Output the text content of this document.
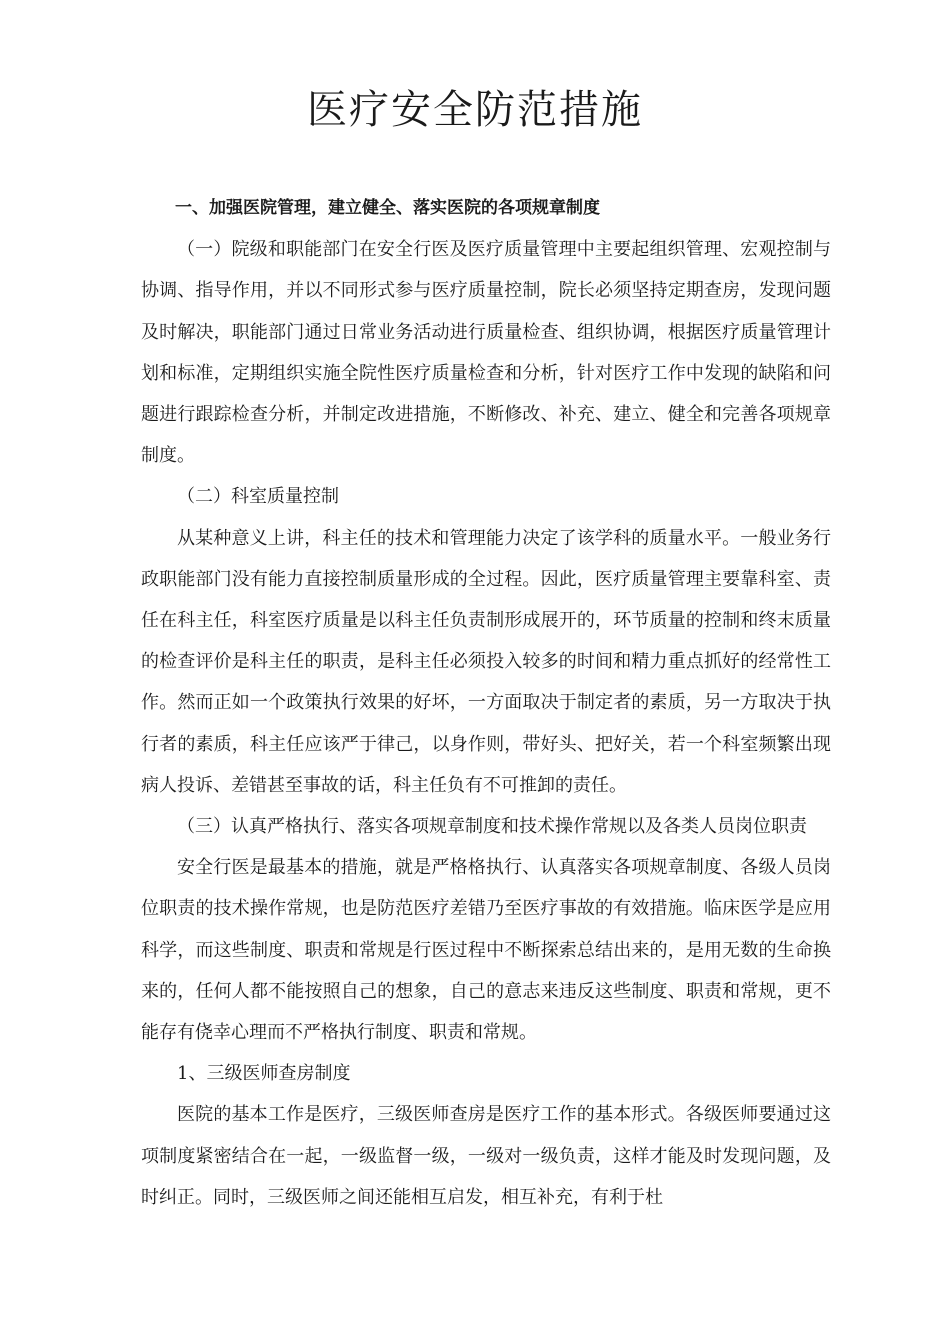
医疗安全防范措施

一、加强医院管理，建立健全、落实医院的各项规章制度

（一）院级和职能部门在安全行医及医疗质量管理中主要起组织管理、宏观控制与协调、指导作用，并以不同形式参与医疗质量控制，院长必须坚持定期查房，发现问题及时解决，职能部门通过日常业务活动进行质量检查、组织协调，根据医疗质量管理计划和标准，定期组织实施全院性医疗质量检查和分析，针对医疗工作中发现的缺陷和问题进行跟踪检查分析，并制定改进措施，不断修改、补充、建立、健全和完善各项规章制度。

（二）科室质量控制

从某种意义上讲，科主任的技术和管理能力决定了该学科的质量水平。一般业务行政职能部门没有能力直接控制质量形成的全过程。因此，医疗质量管理主要靠科室、责任在科主任，科室医疗质量是以科主任负责制形成展开的，环节质量的控制和终末质量的检查评价是科主任的职责，是科主任必须投入较多的时间和精力重点抓好的经常性工作。然而正如一个政策执行效果的好坏，一方面取决于制定者的素质，另一方取决于执行者的素质，科主任应该严于律己，以身作则，带好头、把好关，若一个科室频繁出现病人投诉、差错甚至事故的话，科主任负有不可推卸的责任。

（三）认真严格执行、落实各项规章制度和技术操作常规以及各类人员岗位职责

安全行医是最基本的措施，就是严格格执行、认真落实各项规章制度、各级人员岗位职责的技术操作常规，也是防范医疗差错乃至医疗事故的有效措施。临床医学是应用科学，而这些制度、职责和常规是行医过程中不断探索总结出来的，是用无数的生命换来的，任何人都不能按照自己的想象，自己的意志来违反这些制度、职责和常规，更不能存有侥幸心理而不严格执行制度、职责和常规。

1、三级医师查房制度

医院的基本工作是医疗，三级医师查房是医疗工作的基本形式。各级医师要通过这项制度紧密结合在一起，一级监督一级，一级对一级负责，这样才能及时发现问题，及时纠正。同时，三级医师之间还能相互启发，相互补充，有利于杜
